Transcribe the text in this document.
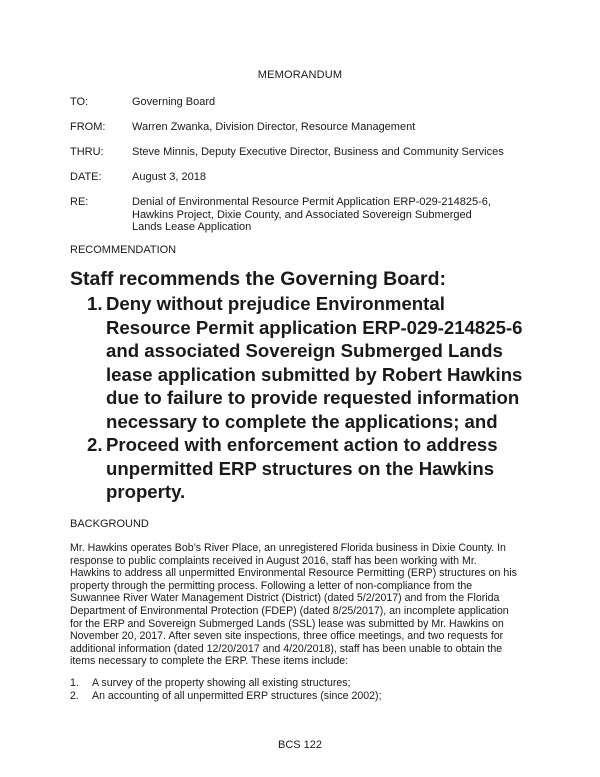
MEMORANDUM
TO:	Governing Board
FROM:	Warren Zwanka, Division Director, Resource Management
THRU:	Steve Minnis, Deputy Executive Director, Business and Community Services
DATE:	August 3, 2018
RE:	Denial of Environmental Resource Permit Application ERP-029-214825-6,
Hawkins Project, Dixie County, and Associated Sovereign Submerged
Lands Lease Application
RECOMMENDATION
Staff recommends the Governing Board:
1. Deny without prejudice Environmental
Resource Permit application ERP-029-214825-6
and associated Sovereign Submerged Lands
lease application submitted by Robert Hawkins
due to failure to provide requested information
necessary to complete the applications; and
2. Proceed with enforcement action to address
unpermitted ERP structures on the Hawkins
property.
BACKGROUND
Mr. Hawkins operates Bob’s River Place, an unregistered Florida business in Dixie County. In
response to public complaints received in August 2016, staff has been working with Mr.
Hawkins to address all unpermitted Environmental Resource Permitting (ERP) structures on his
property through the permitting process. Following a letter of non-compliance from the
Suwannee River Water Management District (District) (dated 5/2/2017) and from the Florida
Department of Environmental Protection (FDEP) (dated 8/25/2017), an incomplete application
for the ERP and Sovereign Submerged Lands (SSL) lease was submitted by Mr. Hawkins on
November 20, 2017. After seven site inspections, three office meetings, and two requests for
additional information (dated 12/20/2017 and 4/20/2018), staff has been unable to obtain the
items necessary to complete the ERP. These items include:
1. A survey of the property showing all existing structures;
2. An accounting of all unpermitted ERP structures (since 2002);
BCS 122
